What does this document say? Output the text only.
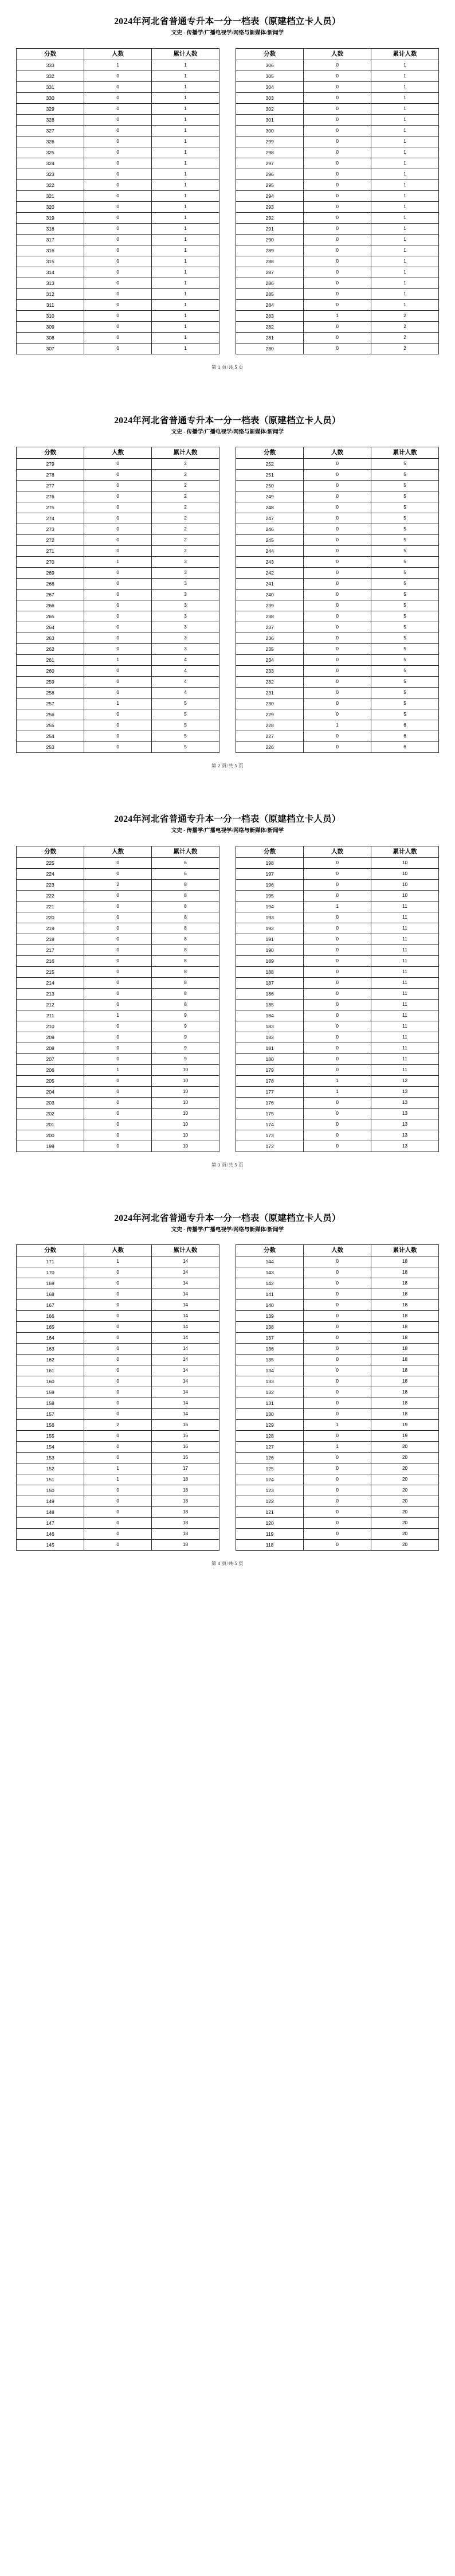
2024年河北省普通专升本一分一档表（原建档立卡人员）
文史 - 传播学/广播电视学/网络与新媒体/新闻学
分数	人数	累计人数
333	1	1
332	0	1
331	0	1
330	0	1
329	0	1
328	0	1
327	0	1
326	0	1
325	0	1
324	0	1
323	0	1
322	0	1
321	0	1
320	0	1
319	0	1
318	0	1
317	0	1
316	0	1
315	0	1
314	0	1
313	0	1
312	0	1
311	0	1
310	0	1
309	0	1
308	0	1
307	0	1
分数	人数	累计人数
306	0	1
305	0	1
304	0	1
303	0	1
302	0	1
301	0	1
300	0	1
299	0	1
298	0	1
297	0	1
296	0	1
295	0	1
294	0	1
293	0	1
292	0	1
291	0	1
290	0	1
289	0	1
288	0	1
287	0	1
286	0	1
285	0	1
284	0	1
283	1	2
282	0	2
281	0	2
280	0	2
第 1 页/共 5 页
2024年河北省普通专升本一分一档表（原建档立卡人员）
文史 - 传播学/广播电视学/网络与新媒体/新闻学
分数	人数	累计人数
279	0	2
278	0	2
277	0	2
276	0	2
275	0	2
274	0	2
273	0	2
272	0	2
271	0	2
270	1	3
269	0	3
268	0	3
267	0	3
266	0	3
265	0	3
264	0	3
263	0	3
262	0	3
261	1	4
260	0	4
259	0	4
258	0	4
257	1	5
256	0	5
255	0	5
254	0	5
253	0	5
分数	人数	累计人数
252	0	5
251	0	5
250	0	5
249	0	5
248	0	5
247	0	5
246	0	5
245	0	5
244	0	5
243	0	5
242	0	5
241	0	5
240	0	5
239	0	5
238	0	5
237	0	5
236	0	5
235	0	5
234	0	5
233	0	5
232	0	5
231	0	5
230	0	5
229	0	5
228	1	6
227	0	6
226	0	6
第 2 页/共 5 页
2024年河北省普通专升本一分一档表（原建档立卡人员）
文史 - 传播学/广播电视学/网络与新媒体/新闻学
分数	人数	累计人数
225	0	6
224	0	6
223	2	8
222	0	8
221	0	8
220	0	8
219	0	8
218	0	8
217	0	8
216	0	8
215	0	8
214	0	8
213	0	8
212	0	8
211	1	9
210	0	9
209	0	9
208	0	9
207	0	9
206	1	10
205	0	10
204	0	10
203	0	10
202	0	10
201	0	10
200	0	10
199	0	10
分数	人数	累计人数
198	0	10
197	0	10
196	0	10
195	0	10
194	1	11
193	0	11
192	0	11
191	0	11
190	0	11
189	0	11
188	0	11
187	0	11
186	0	11
185	0	11
184	0	11
183	0	11
182	0	11
181	0	11
180	0	11
179	0	11
178	1	12
177	1	13
176	0	13
175	0	13
174	0	13
173	0	13
172	0	13
第 3 页/共 5 页
2024年河北省普通专升本一分一档表（原建档立卡人员）
文史 - 传播学/广播电视学/网络与新媒体/新闻学
分数	人数	累计人数
171	1	14
170	0	14
169	0	14
168	0	14
167	0	14
166	0	14
165	0	14
164	0	14
163	0	14
162	0	14
161	0	14
160	0	14
159	0	14
158	0	14
157	0	14
156	2	16
155	0	16
154	0	16
153	0	16
152	1	17
151	1	18
150	0	18
149	0	18
148	0	18
147	0	18
146	0	18
145	0	18
分数	人数	累计人数
144	0	18
143	0	18
142	0	18
141	0	18
140	0	18
139	0	18
138	0	18
137	0	18
136	0	18
135	0	18
134	0	18
133	0	18
132	0	18
131	0	18
130	0	18
129	1	19
128	0	19
127	1	20
126	0	20
125	0	20
124	0	20
123	0	20
122	0	20
121	0	20
120	0	20
119	0	20
118	0	20
第 4 页/共 5 页
